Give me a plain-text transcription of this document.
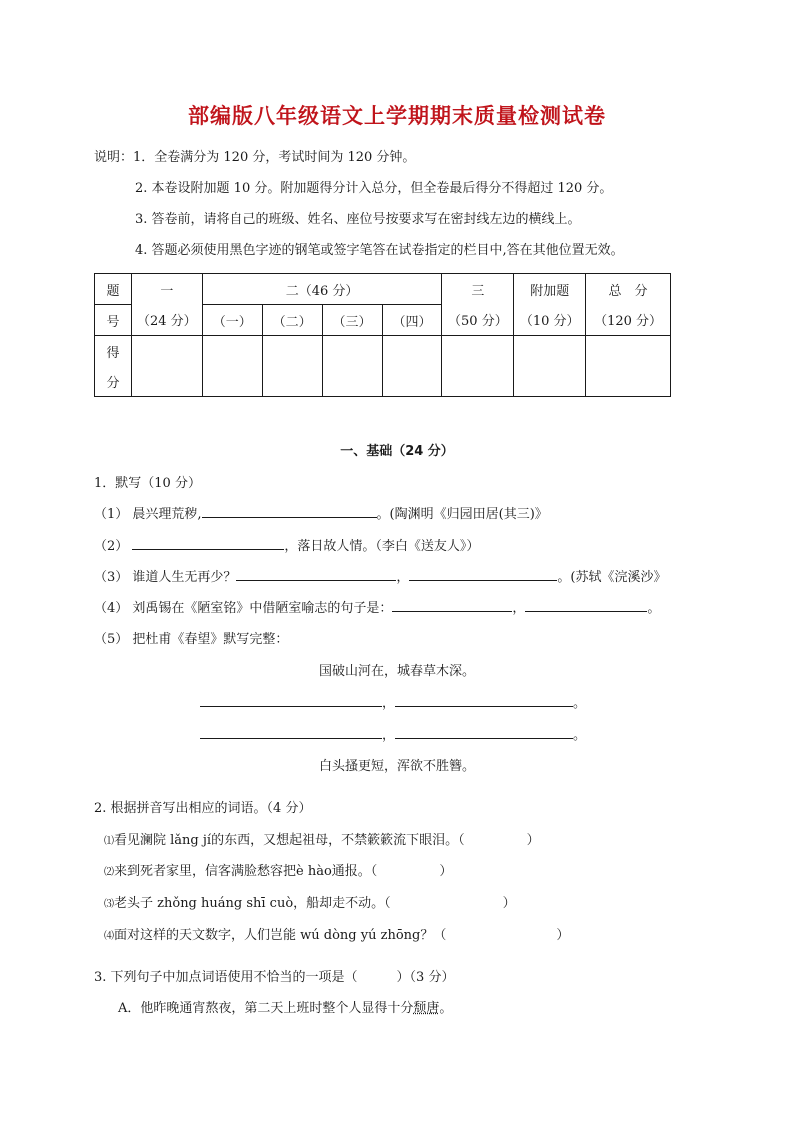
部编版八年级语文上学期期末质量检测试卷
说明：1．全卷满分为 120 分，考试时间为 120 分钟。
2. 本卷设附加题 10 分。附加题得分计入总分，但全卷最后得分不得超过 120 分。
3. 答卷前，请将自己的班级、姓名、座位号按要求写在密封线左边的横线上。
4. 答题必须使用黑色字迹的钢笔或签字笔答在试卷指定的栏目中,答在其他位置无效。
题	一	二（46 分）				三	附加题	总　分
号	（24 分）	（一）	（二）	（三）	（四）	（50 分）	（10 分）	（120 分）
得								
分								
一、基础（24 分）
1．默写（10 分）
（1） 晨兴理荒秽,	。(陶渊明《归园田居(其三)》
（2）	，落日故人情。（李白《送友人》）
（3） 谁道人生无再少？	，	。(苏轼《浣溪沙》
（4） 刘禹锡在《陋室铭》中借陋室喻志的句子是：	，	。
（5） 把杜甫《春望》默写完整：
国破山河在，城春草木深。
，	。
，	。
白头搔更短，浑欲不胜簪。
2. 根据拼音写出相应的词语。（4 分）
⑴看见澜院 lǎng jí的东西，又想起祖母，不禁簌簌流下眼泪。（	）
⑵来到死者家里，信客满脸愁容把è hào通报。（	）
⑶老头子 zhǒng huáng shī cuò，船却走不动。（	）
⑷面对这样的天文数字，人们岂能 wú dòng yú zhōng？（	）
3. 下列句子中加点词语使用不恰当的一项是（　　　）（3 分）
A．他昨晚通宵熬夜，第二天上班时整个人显得十分颓唐。
